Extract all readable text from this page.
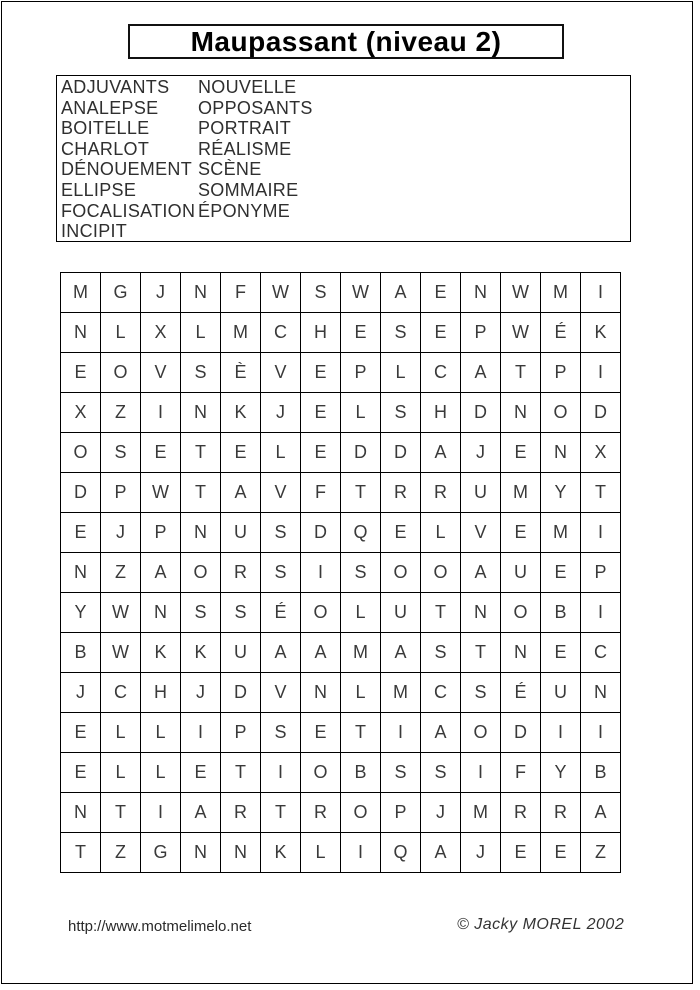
Maupassant (niveau 2)
ADJUVANTS
ANALEPSE
BOITELLE
CHARLOT
DÉNOUEMENT
ELLIPSE
FOCALISATION
INCIPIT
NOUVELLE
OPPOSANTS
PORTRAIT
RÉALISME
SCÈNE
SOMMAIRE
ÉPONYME
M	G	J	N	F	W	S	W	A	E	N	W	M	I
N	L	X	L	M	C	H	E	S	E	P	W	É	K
E	O	V	S	È	V	E	P	L	C	A	T	P	I
X	Z	I	N	K	J	E	L	S	H	D	N	O	D
O	S	E	T	E	L	E	D	D	A	J	E	N	X
D	P	W	T	A	V	F	T	R	R	U	M	Y	T
E	J	P	N	U	S	D	Q	E	L	V	E	M	I
N	Z	A	O	R	S	I	S	O	O	A	U	E	P
Y	W	N	S	S	É	O	L	U	T	N	O	B	I
B	W	K	K	U	A	A	M	A	S	T	N	E	C
J	C	H	J	D	V	N	L	M	C	S	É	U	N
E	L	L	I	P	S	E	T	I	A	O	D	I	I
E	L	L	E	T	I	O	B	S	S	I	F	Y	B
N	T	I	A	R	T	R	O	P	J	M	R	R	A
T	Z	G	N	N	K	L	I	Q	A	J	E	E	Z
http://www.motmelimelo.net	© Jacky MOREL 2002
